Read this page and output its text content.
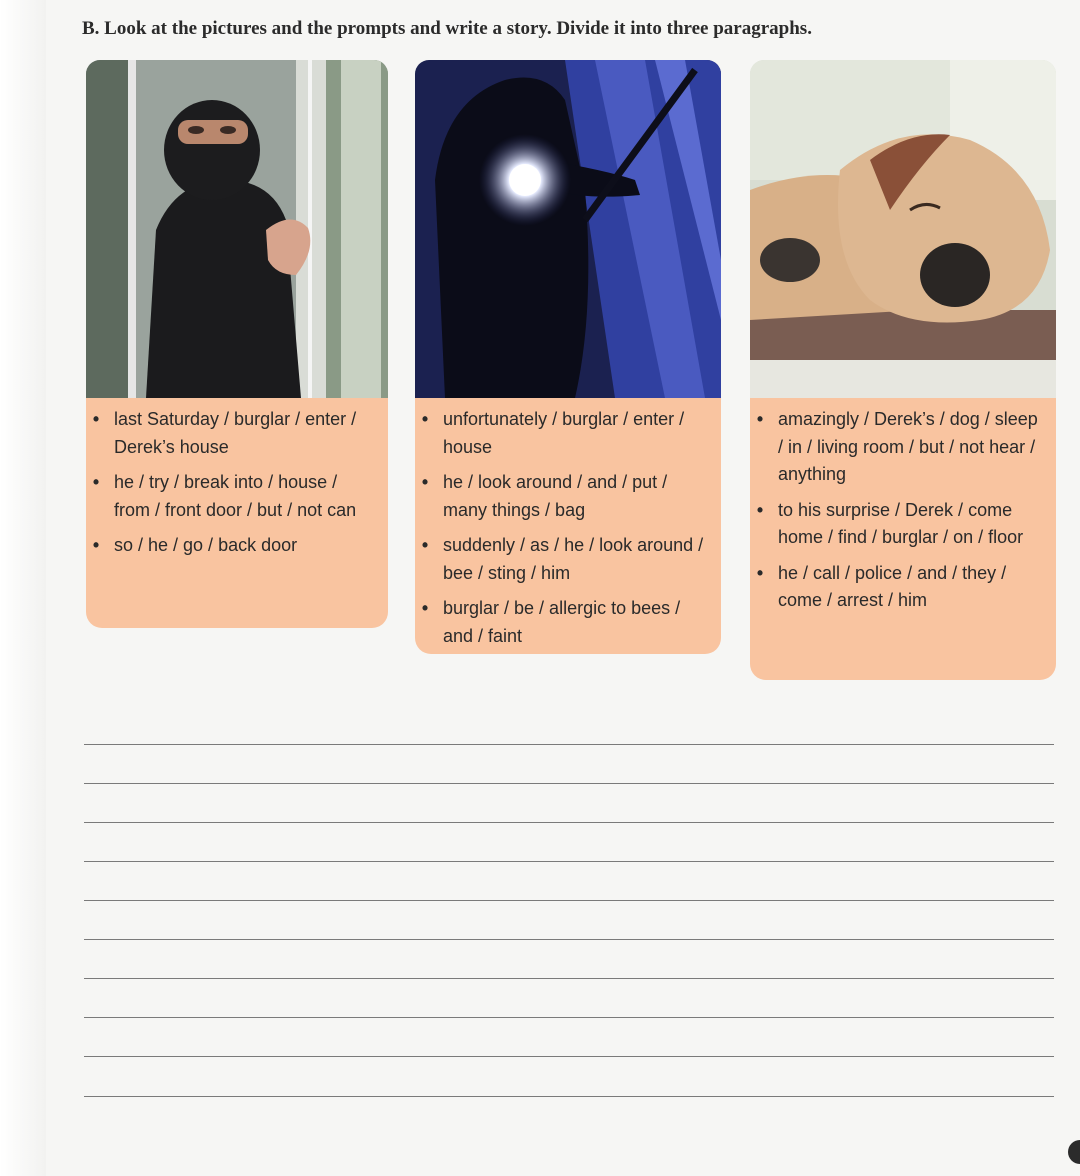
B. Look at the pictures and the prompts and write a story. Divide it into three paragraphs.
• last Saturday / burglar / enter / Derek’s house
• he / try / break into / house / from / front door / but / not can
• so / he / go / back door
• unfortunately / burglar / enter / house
• he / look around / and / put / many things / bag
• suddenly / as / he / look around / bee / sting / him
• burglar / be / allergic to bees / and / faint
• amazingly / Derek’s / dog / sleep / in / living room / but / not hear / anything
• to his surprise / Derek / come home / find / burglar / on / floor
• he / call / police / and / they / come / arrest / him
